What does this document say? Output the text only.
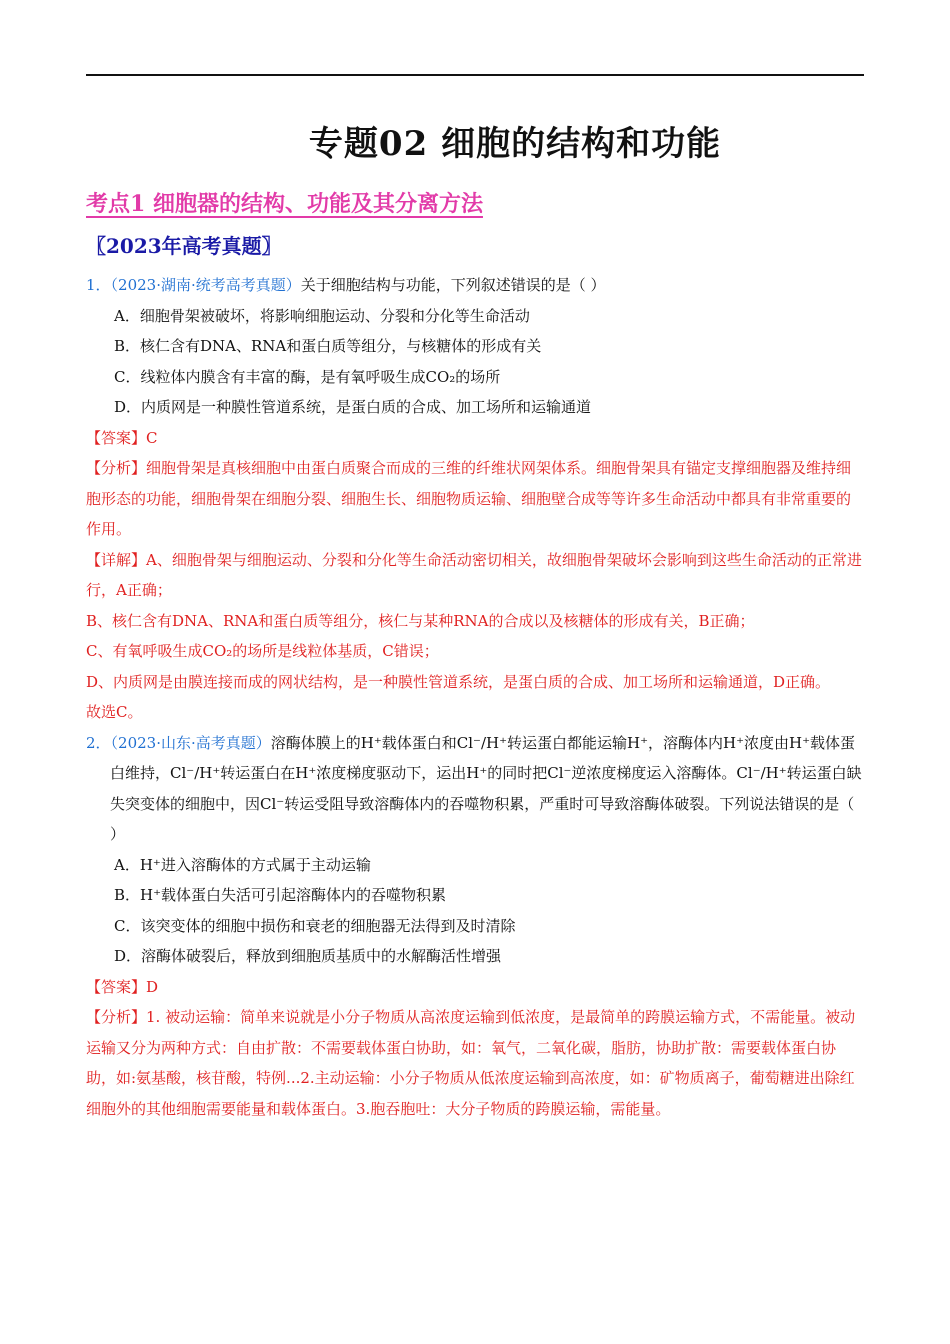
专题02 细胞的结构和功能
考点1 细胞器的结构、功能及其分离方法
〖2023年高考真题〗

1．（2023·湖南·统考高考真题）关于细胞结构与功能，下列叙述错误的是（ ）

A．细胞骨架被破坏，将影响细胞运动、分裂和分化等生命活动

B．核仁含有DNA、RNA和蛋白质等组分，与核糖体的形成有关

C．线粒体内膜含有丰富的酶，是有氧呼吸生成CO₂的场所

D．内质网是一种膜性管道系统，是蛋白质的合成、加工场所和运输通道

【答案】C

【分析】细胞骨架是真核细胞中由蛋白质聚合而成的三维的纤维状网架体系。细胞骨架具有锚定支撑细胞器及维持细胞形态的功能，细胞骨架在细胞分裂、细胞生长、细胞物质运输、细胞壁合成等等许多生命活动中都具有非常重要的作用。

【详解】A、细胞骨架与细胞运动、分裂和分化等生命活动密切相关，故细胞骨架破坏会影响到这些生命活动的正常进行，A正确；

B、核仁含有DNA、RNA和蛋白质等组分，核仁与某种RNA的合成以及核糖体的形成有关，B正确；

C、有氧呼吸生成CO₂的场所是线粒体基质，C错误；

D、内质网是由膜连接而成的网状结构，是一种膜性管道系统，是蛋白质的合成、加工场所和运输通道，D正确。

故选C。

2．（2023·山东·高考真题）溶酶体膜上的H⁺载体蛋白和Cl⁻/H⁺转运蛋白都能运输H⁺，溶酶体内H⁺浓度由H⁺载体蛋白维持，Cl⁻/H⁺转运蛋白在H⁺浓度梯度驱动下，运出H⁺的同时把Cl⁻逆浓度梯度运入溶酶体。Cl⁻/H⁺转运蛋白缺失突变体的细胞中，因Cl⁻转运受阻导致溶酶体内的吞噬物积累，严重时可导致溶酶体破裂。下列说法错误的是（ ）

A．H⁺进入溶酶体的方式属于主动运输

B．H⁺载体蛋白失活可引起溶酶体内的吞噬物积累

C．该突变体的细胞中损伤和衰老的细胞器无法得到及时清除

D．溶酶体破裂后，释放到细胞质基质中的水解酶活性增强

【答案】D

【分析】1. 被动运输：简单来说就是小分子物质从高浓度运输到低浓度，是最简单的跨膜运输方式，不需能量。被动运输又分为两种方式：自由扩散：不需要载体蛋白协助，如：氧气，二氧化碳，脂肪，协助扩散：需要载体蛋白协助，如:氨基酸，核苷酸，特例...2.主动运输：小分子物质从低浓度运输到高浓度，如：矿物质离子，葡萄糖进出除红细胞外的其他细胞需要能量和载体蛋白。3.胞吞胞吐：大分子物质的跨膜运输，需能量。
